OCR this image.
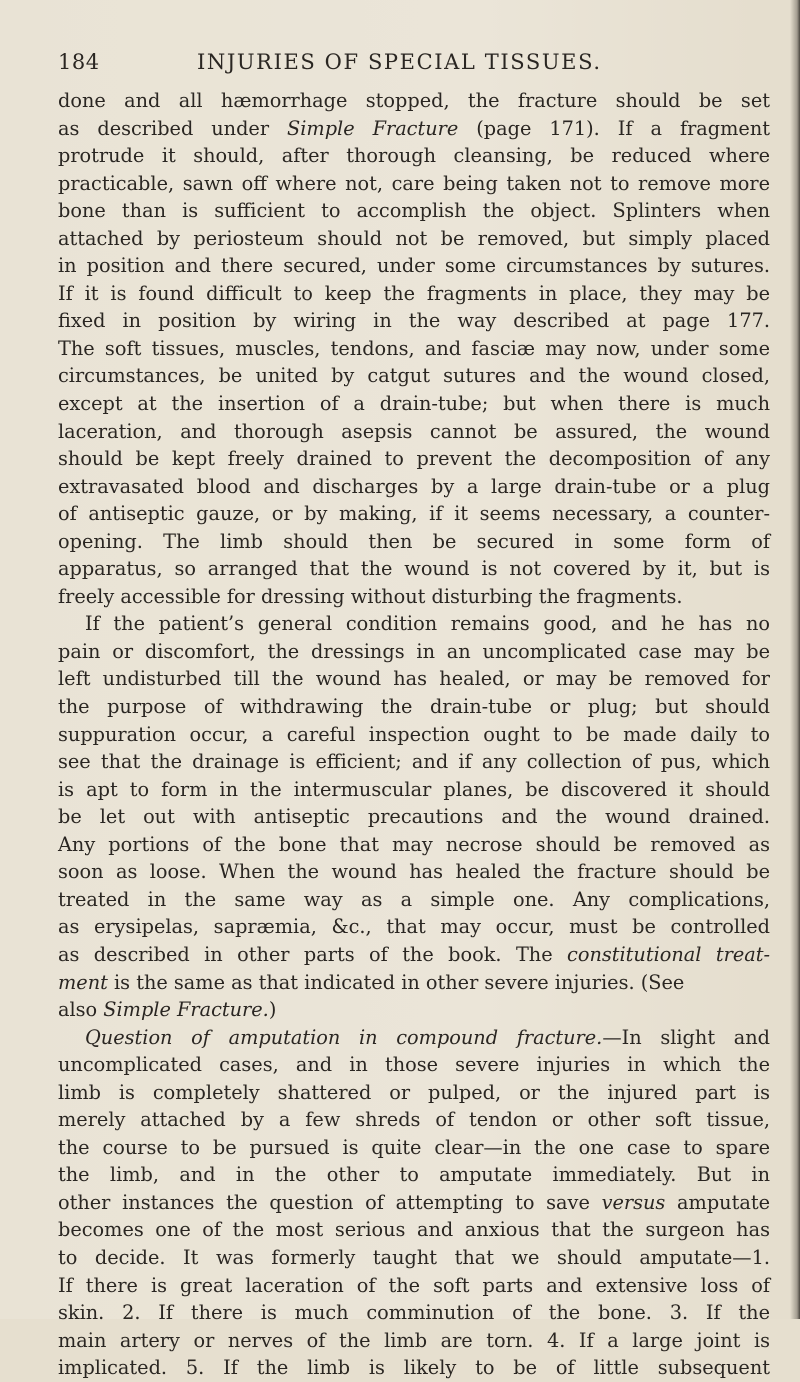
184	INJURIES OF SPECIAL TISSUES.
done and all hæmorrhage stopped, the fracture should be set
as described under Simple Fracture (page 171). If a fragment
protrude it should, after thorough cleansing, be reduced where
practicable, sawn off where not, care being taken not to remove more
bone than is sufficient to accomplish the object. Splinters when
attached by periosteum should not be removed, but simply placed
in position and there secured, under some circumstances by sutures.
If it is found difficult to keep the fragments in place, they may be
fixed in position by wiring in the way described at page 177.
The soft tissues, muscles, tendons, and fasciæ may now, under some
circumstances, be united by catgut sutures and the wound closed,
except at the insertion of a drain-tube; but when there is much
laceration, and thorough asepsis cannot be assured, the wound
should be kept freely drained to prevent the decomposition of any
extravasated blood and discharges by a large drain-tube or a plug
of antiseptic gauze, or by making, if it seems necessary, a counter-
opening. The limb should then be secured in some form of
apparatus, so arranged that the wound is not covered by it, but is
freely accessible for dressing without disturbing the fragments.
If the patient’s general condition remains good, and he has no
pain or discomfort, the dressings in an uncomplicated case may be
left undisturbed till the wound has healed, or may be removed for
the purpose of withdrawing the drain-tube or plug; but should
suppuration occur, a careful inspection ought to be made daily to
see that the drainage is efficient; and if any collection of pus, which
is apt to form in the intermuscular planes, be discovered it should
be let out with antiseptic precautions and the wound drained.
Any portions of the bone that may necrose should be removed as
soon as loose. When the wound has healed the fracture should be
treated in the same way as a simple one. Any complications,
as erysipelas, sapræmia, &c., that may occur, must be controlled
as described in other parts of the book. The constitutional treat-
ment is the same as that indicated in other severe injuries. (See
also Simple Fracture.)
Question of amputation in compound fracture.—In slight and
uncomplicated cases, and in those severe injuries in which the
limb is completely shattered or pulped, or the injured part is
merely attached by a few shreds of tendon or other soft tissue,
the course to be pursued is quite clear—in the one case to spare
the limb, and in the other to amputate immediately. But in
other instances the question of attempting to save versus amputate
becomes one of the most serious and anxious that the surgeon has
to decide. It was formerly taught that we should amputate—1.
If there is great laceration of the soft parts and extensive loss of
skin. 2. If there is much comminution of the bone. 3. If the
main artery or nerves of the limb are torn. 4. If a large joint is
implicated. 5. If the limb is likely to be of little subsequent
